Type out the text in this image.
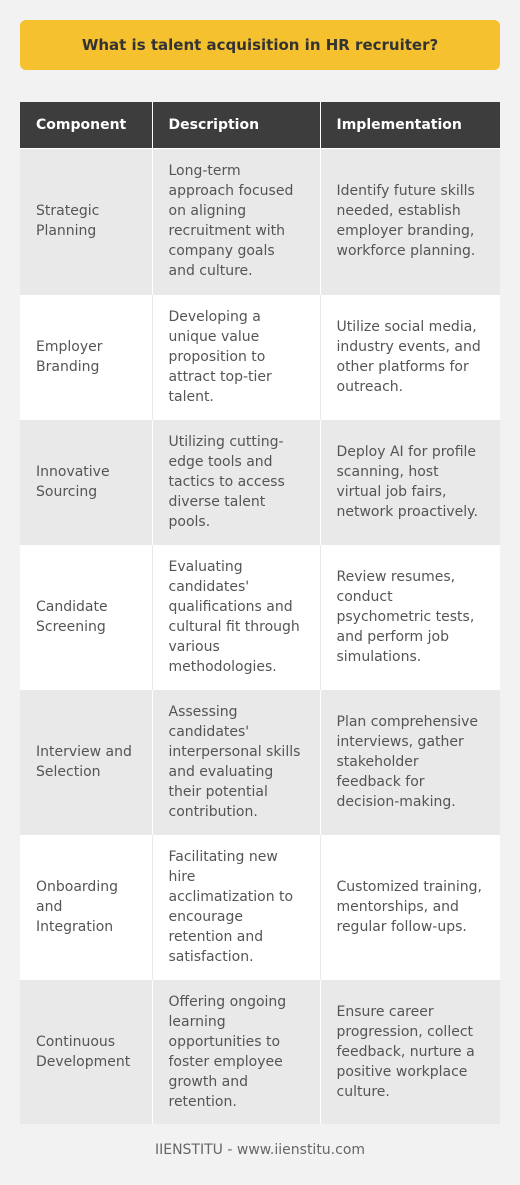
What is talent acquisition in HR recruiter?
Component	Description	Implementation
Strategic Planning	Long-term approach focused on aligning recruitment with company goals and culture.	Identify future skills needed, establish employer branding, workforce planning.
Employer Branding	Developing a unique value proposition to attract top-tier talent.	Utilize social media, industry events, and other platforms for outreach.
Innovative Sourcing	Utilizing cutting-edge tools and tactics to access diverse talent pools.	Deploy AI for profile scanning, host virtual job fairs, network proactively.
Candidate Screening	Evaluating candidates' qualifications and cultural fit through various methodologies.	Review resumes, conduct psychometric tests, and perform job simulations.
Interview and Selection	Assessing candidates' interpersonal skills and evaluating their potential contribution.	Plan comprehensive interviews, gather stakeholder feedback for decision-making.
Onboarding and Integration	Facilitating new hire acclimatization to encourage retention and satisfaction.	Customized training, mentorships, and regular follow-ups.
Continuous Development	Offering ongoing learning opportunities to foster employee growth and retention.	Ensure career progression, collect feedback, nurture a positive workplace culture.
IIENSTITU - www.iienstitu.com
